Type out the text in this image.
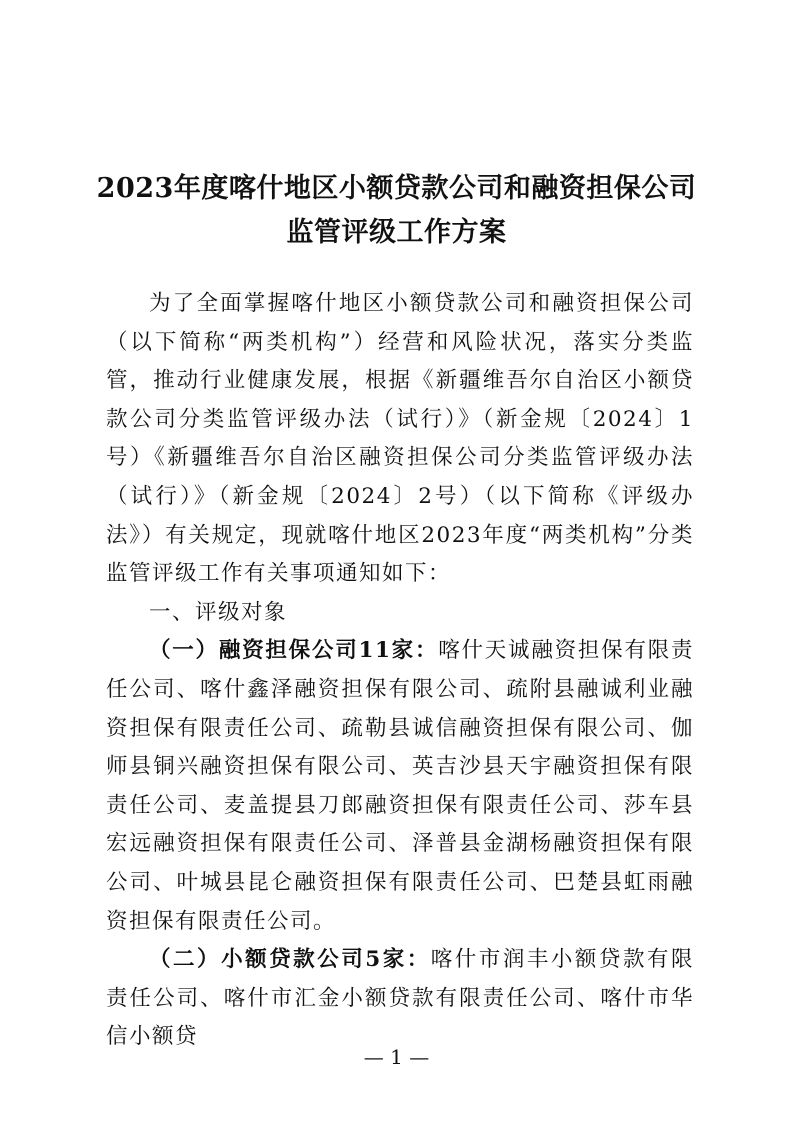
2023年度喀什地区小额贷款公司和融资担保公司
监管评级工作方案

为了全面掌握喀什地区小额贷款公司和融资担保公司（以下简称“两类机构”）经营和风险状况，落实分类监管，推动行业健康发展，根据《新疆维吾尔自治区小额贷款公司分类监管评级办法（试行）》（新金规〔2024〕1号）《新疆维吾尔自治区融资担保公司分类监管评级办法（试行）》（新金规〔2024〕2号）（以下简称《评级办法》）有关规定，现就喀什地区2023年度“两类机构”分类监管评级工作有关事项通知如下：

一、评级对象

（一）融资担保公司11家：喀什天诚融资担保有限责任公司、喀什鑫泽融资担保有限公司、疏附县融诚利业融资担保有限责任公司、疏勒县诚信融资担保有限公司、伽师县铜兴融资担保有限公司、英吉沙县天宇融资担保有限责任公司、麦盖提县刀郎融资担保有限责任公司、莎车县宏远融资担保有限责任公司、泽普县金湖杨融资担保有限公司、叶城县昆仑融资担保有限责任公司、巴楚县虹雨融资担保有限责任公司。

（二）小额贷款公司5家：喀什市润丰小额贷款有限责任公司、喀什市汇金小额贷款有限责任公司、喀什市华信小额贷

— 1 —
